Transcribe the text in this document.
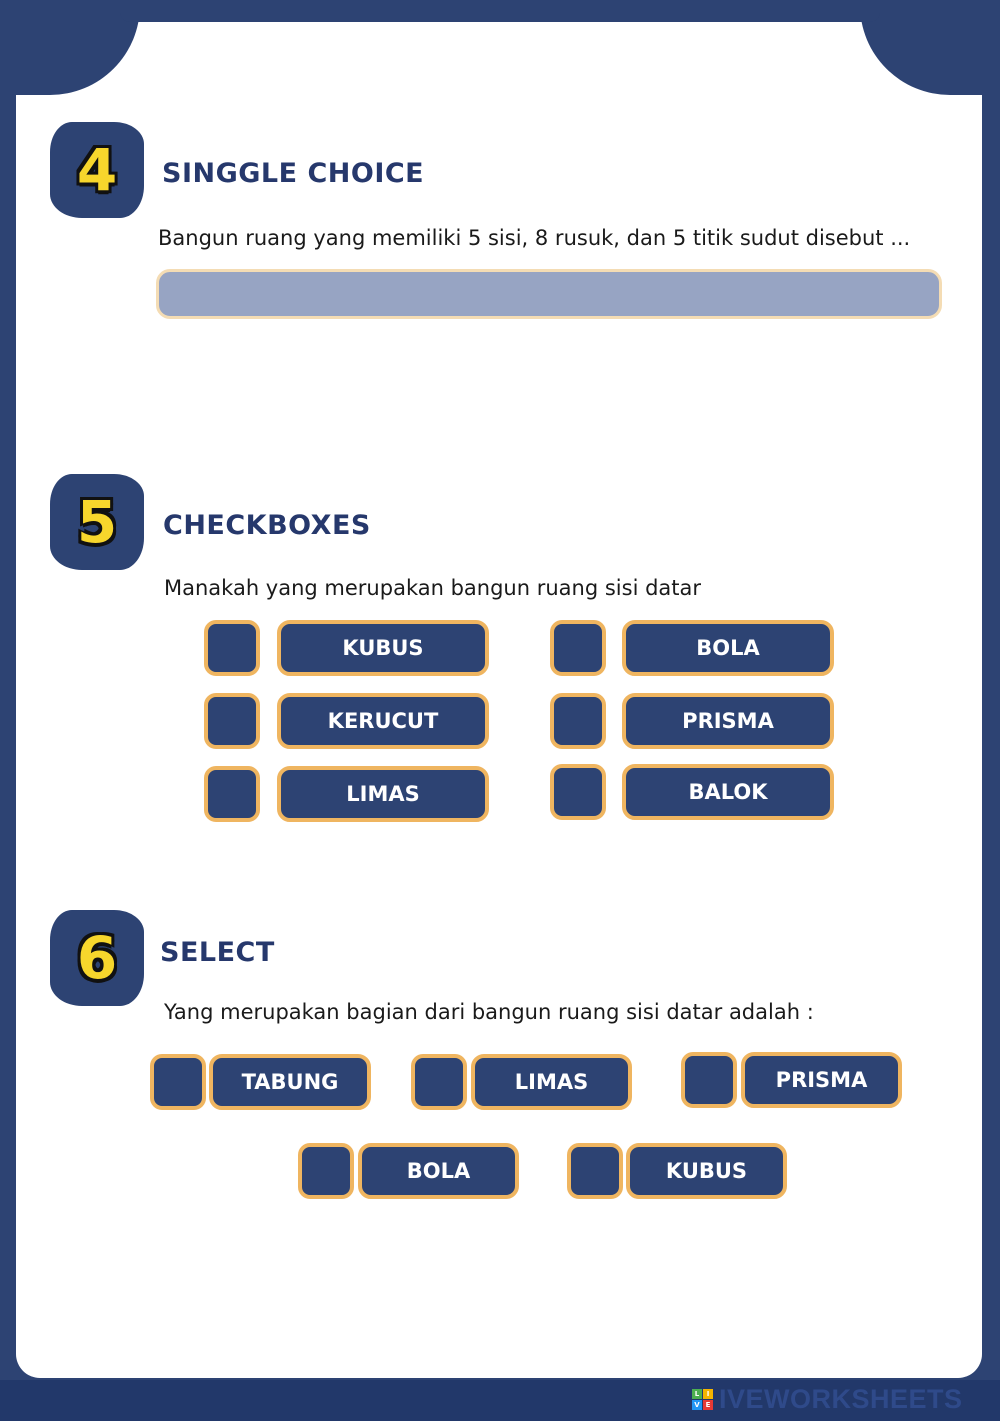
4 SINGGLE CHOICE
Bangun ruang yang memiliki 5 sisi, 8 rusuk, dan 5 titik sudut disebut ...
5 CHECKBOXES
Manakah yang merupakan bangun ruang sisi datar
KUBUS	BOLA
KERUCUT	PRISMA
LIMAS	BALOK
6 SELECT
Yang merupakan bagian dari bangun ruang sisi datar adalah :
TABUNG	LIMAS	PRISMA
BOLA	KUBUS
L	I
V E IVEWORKSHEETS
